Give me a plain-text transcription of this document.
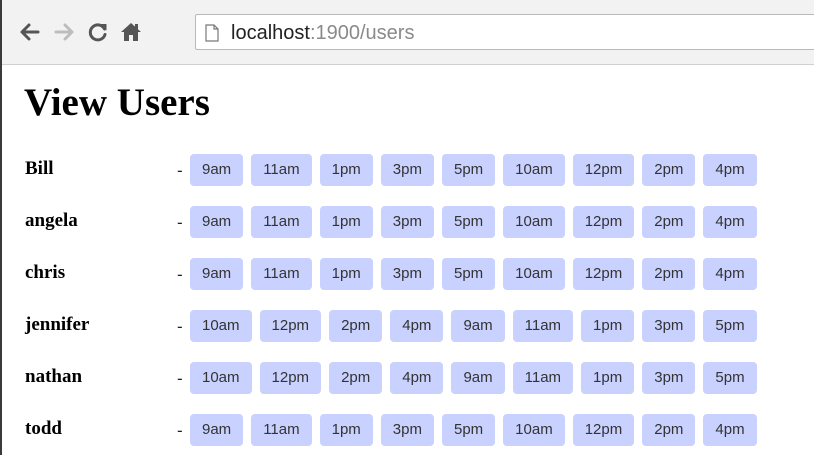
localhost:1900/users
View Users
Bill	-	9am	11am	1pm	3pm	5pm	10am	12pm	2pm	4pm
angela	-	9am	11am	1pm	3pm	5pm	10am	12pm	2pm	4pm
chris	-	9am	11am	1pm	3pm	5pm	10am	12pm	2pm	4pm
jennifer	-	10am	12pm	2pm	4pm	9am	11am	1pm	3pm	5pm
nathan	-	10am	12pm	2pm	4pm	9am	11am	1pm	3pm	5pm
todd	-	9am	11am	1pm	3pm	5pm	10am	12pm	2pm	4pm
